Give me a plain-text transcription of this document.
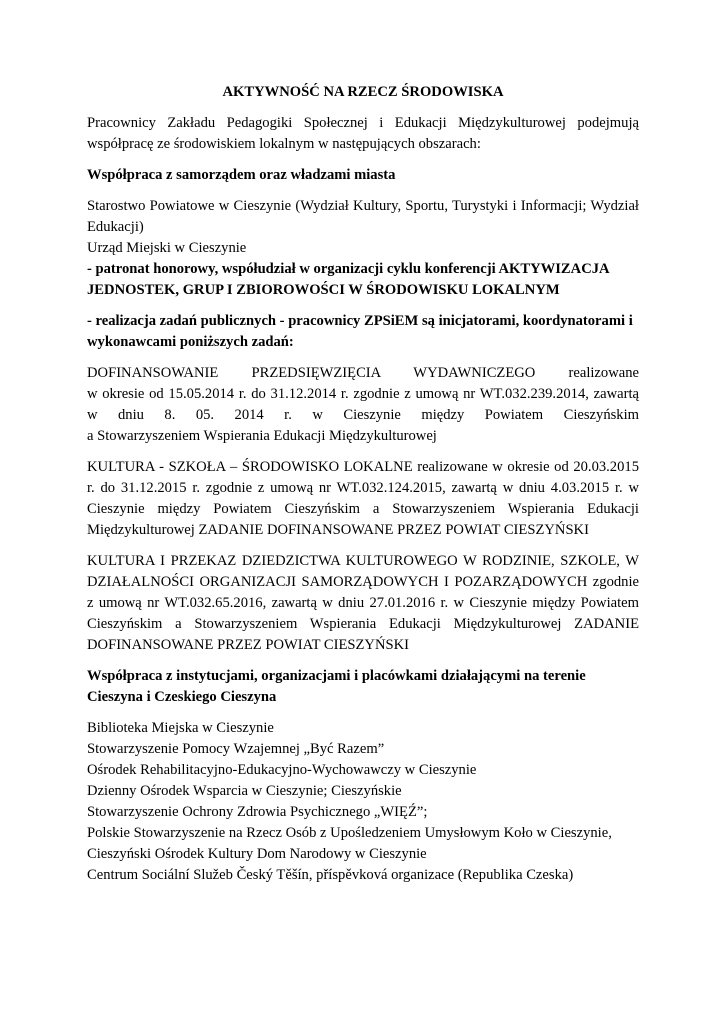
AKTYWNOŚĆ NA RZECZ ŚRODOWISKA

Pracownicy Zakładu Pedagogiki Społecznej i Edukacji Międzykulturowej podejmują współpracę ze środowiskiem lokalnym w następujących obszarach:

Współpraca z samorządem oraz władzami miasta

Starostwo Powiatowe w Cieszynie (Wydział Kultury, Sportu, Turystyki i Informacji; Wydział Edukacji)

Urząd Miejski w Cieszynie

- patronat honorowy, współudział w organizacji cyklu konferencji AKTYWIZACJA JEDNOSTEK, GRUP I ZBIOROWOŚCI W ŚRODOWISKU LOKALNYM

- realizacja zadań publicznych - pracownicy ZPSiEM są inicjatorami, koordynatorami i wykonawcami poniższych zadań:

DOFINANSOWANIE PRZEDSIĘWZIĘCIA WYDAWNICZEGO realizowane
w okresie od 15.05.2014 r. do 31.12.2014 r. zgodnie z umową nr WT.032.239.2014, zawartą
w dniu 8. 05. 2014 r. w Cieszynie między Powiatem Cieszyńskim
a Stowarzyszeniem Wspierania Edukacji Międzykulturowej

KULTURA - SZKOŁA – ŚRODOWISKO LOKALNE realizowane w okresie od 20.03.2015 r. do 31.12.2015 r. zgodnie z umową nr WT.032.124.2015, zawartą w dniu 4.03.2015 r. w Cieszynie między Powiatem Cieszyńskim a Stowarzyszeniem Wspierania Edukacji Międzykulturowej ZADANIE DOFINANSOWANE PRZEZ POWIAT CIESZYŃSKI

KULTURA I PRZEKAZ DZIEDZICTWA KULTUROWEGO W RODZINIE, SZKOLE, W DZIAŁALNOŚCI ORGANIZACJI SAMORZĄDOWYCH I POZARZĄDOWYCH zgodnie z umową nr WT.032.65.2016, zawartą w dniu 27.01.2016 r. w Cieszynie między Powiatem Cieszyńskim a Stowarzyszeniem Wspierania Edukacji Międzykulturowej ZADANIE DOFINANSOWANE PRZEZ POWIAT CIESZYŃSKI

Współpraca z instytucjami, organizacjami i placówkami działającymi na terenie Cieszyna i Czeskiego Cieszyna

Biblioteka Miejska w Cieszynie
Stowarzyszenie Pomocy Wzajemnej „Być Razem”
Ośrodek Rehabilitacyjno-Edukacyjno-Wychowawczy w Cieszynie
Dzienny Ośrodek Wsparcia w Cieszynie; Cieszyńskie
Stowarzyszenie Ochrony Zdrowia Psychicznego „WIĘŹ”;
Polskie Stowarzyszenie na Rzecz Osób z Upośledzeniem Umysłowym Koło w Cieszynie,
Cieszyński Ośrodek Kultury Dom Narodowy w Cieszynie
Centrum Sociální Služeb Český Těšín, příspěvková organizace (Republika Czeska)
